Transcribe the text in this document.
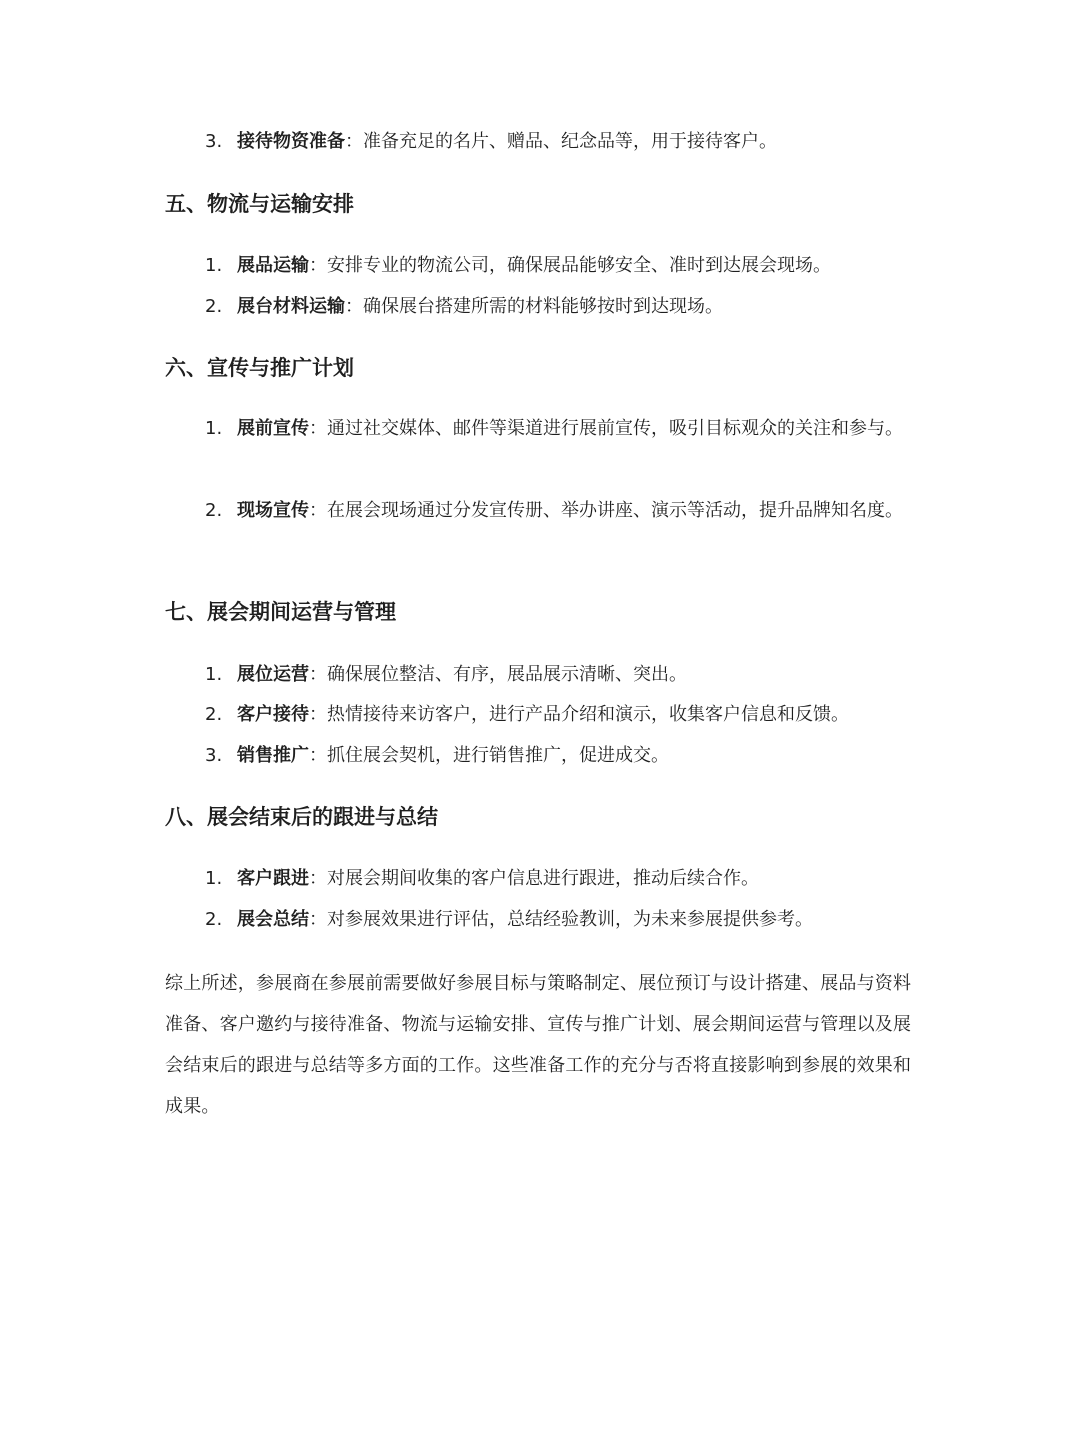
3. 接待物资准备：准备充足的名片、赠品、纪念品等，用于接待客户。
五、物流与运输安排
1. 展品运输：安排专业的物流公司，确保展品能够安全、准时到达展会现场。
2. 展台材料运输：确保展台搭建所需的材料能够按时到达现场。
六、宣传与推广计划
1. 展前宣传：通过社交媒体、邮件等渠道进行展前宣传，吸引目标观众的关注和参与。
2. 现场宣传：在展会现场通过分发宣传册、举办讲座、演示等活动，提升品牌知名度。
七、展会期间运营与管理
1. 展位运营：确保展位整洁、有序，展品展示清晰、突出。
2. 客户接待：热情接待来访客户，进行产品介绍和演示，收集客户信息和反馈。
3. 销售推广：抓住展会契机，进行销售推广，促进成交。
八、展会结束后的跟进与总结
1. 客户跟进：对展会期间收集的客户信息进行跟进，推动后续合作。
2. 展会总结：对参展效果进行评估，总结经验教训，为未来参展提供参考。

综上所述，参展商在参展前需要做好参展目标与策略制定、展位预订与设计搭建、展品与资料准备、客户邀约与接待准备、物流与运输安排、宣传与推广计划、展会期间运营与管理以及展会结束后的跟进与总结等多方面的工作。这些准备工作的充分与否将直接影响到参展的效果和成果。
